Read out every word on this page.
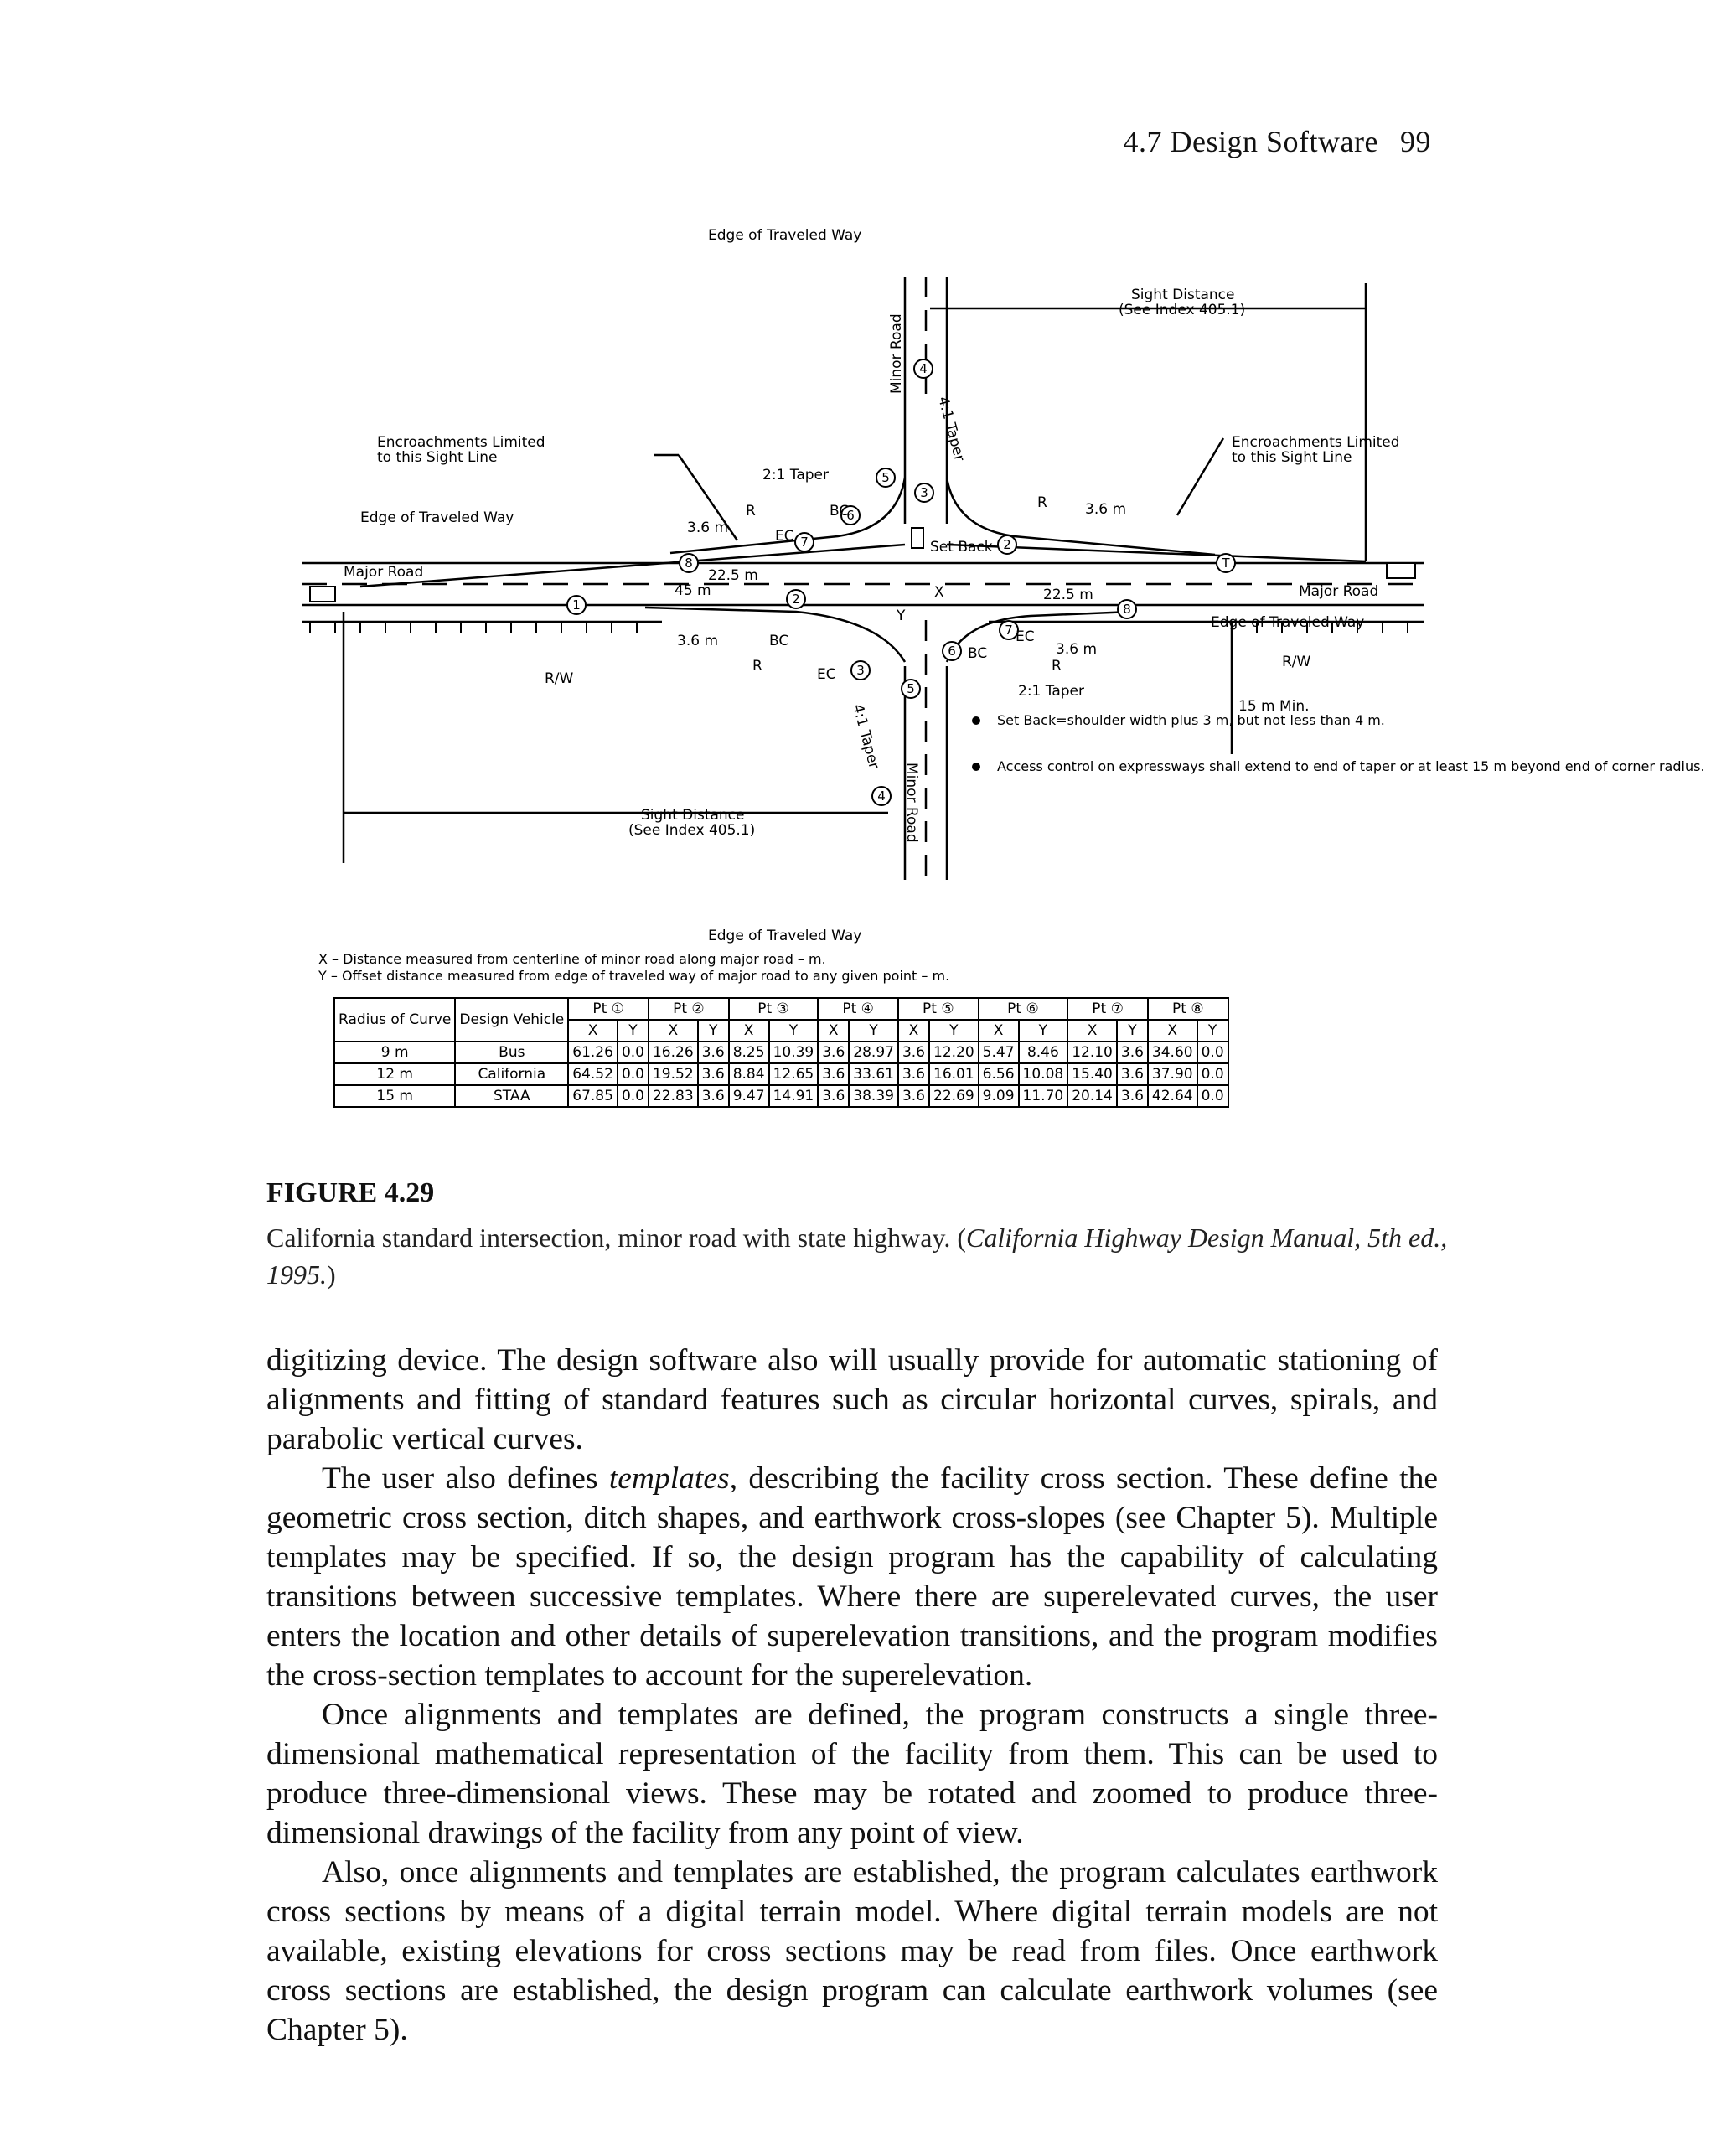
4.7 Design Software 99
1	2
3
4
3
4
5
5
6
6
7
7
8
8
2
T
Edge of Traveled Way
Edge of Traveled Way
Edge of Traveled Way
Edge of Traveled Way
Major Road
Major Road
Sight Distance
(See Index 405.1)
Sight Distance
(See Index 405.1)
Encroachments Limited
to this Sight Line
Encroachments Limited
to this Sight Line
2:1 Taper
2:1 Taper
Set Back
3.6 m
3.6 m
3.6 m	3.6 m
22.5 m
22.5 m
45 m
15 m Min.
R	R
R	R
R/W
R/W
X
Y
EC
EC
EC
BC
BC
BC
Set Back=shoulder width plus 3 m, but not less than 4 m.
Access control on expressways shall extend to end of taper or at least 15 m beyond end of corner radius.
X – Distance measured from centerline of minor road along major road – m.
Y – Offset distance measured from edge of traveled way of major road to any given point – m.
Minor Road
Minor Road
4:1 Taper
4:1 Taper
Radius of Curve	Design Vehicle	Pt ①		Pt ②		Pt ③		Pt ④		Pt ⑤		Pt ⑥		Pt ⑦		Pt ⑧	
		X	Y	X	Y	X	Y	X	Y	X	Y	X	Y	X	Y	X	Y
9 m	Bus	61.26	0.0	16.26	3.6	8.25	10.39	3.6	28.97	3.6	12.20	5.47	8.46	12.10	3.6	34.60	0.0
12 m	California	64.52	0.0	19.52	3.6	8.84	12.65	3.6	33.61	3.6	16.01	6.56	10.08	15.40	3.6	37.90	0.0
15 m	STAA	67.85	0.0	22.83	3.6	9.47	14.91	3.6	38.39	3.6	22.69	9.09	11.70	20.14	3.6	42.64	0.0
FIGURE 4.29
California standard intersection, minor road with state highway. (California Highway Design Manual, 5th ed., 1995.)

digitizing device. The design software also will usually provide for automatic stationing of alignments and fitting of standard features such as circular horizontal curves, spirals, and parabolic vertical curves.

The user also defines templates, describing the facility cross section. These define the geometric cross section, ditch shapes, and earthwork cross-slopes (see Chapter 5). Multiple templates may be specified. If so, the design program has the capability of calculating transitions between successive templates. Where there are superelevated curves, the user enters the location and other details of superelevation transitions, and the program modifies the cross-section templates to account for the superelevation.

Once alignments and templates are defined, the program constructs a single three-dimensional mathematical representation of the facility from them. This can be used to produce three-dimensional views. These may be rotated and zoomed to produce three-dimensional drawings of the facility from any point of view.

Also, once alignments and templates are established, the program calculates earthwork cross sections by means of a digital terrain model. Where digital terrain models are not available, existing elevations for cross sections may be read from files. Once earthwork cross sections are established, the design program can calculate earthwork volumes (see Chapter 5).
